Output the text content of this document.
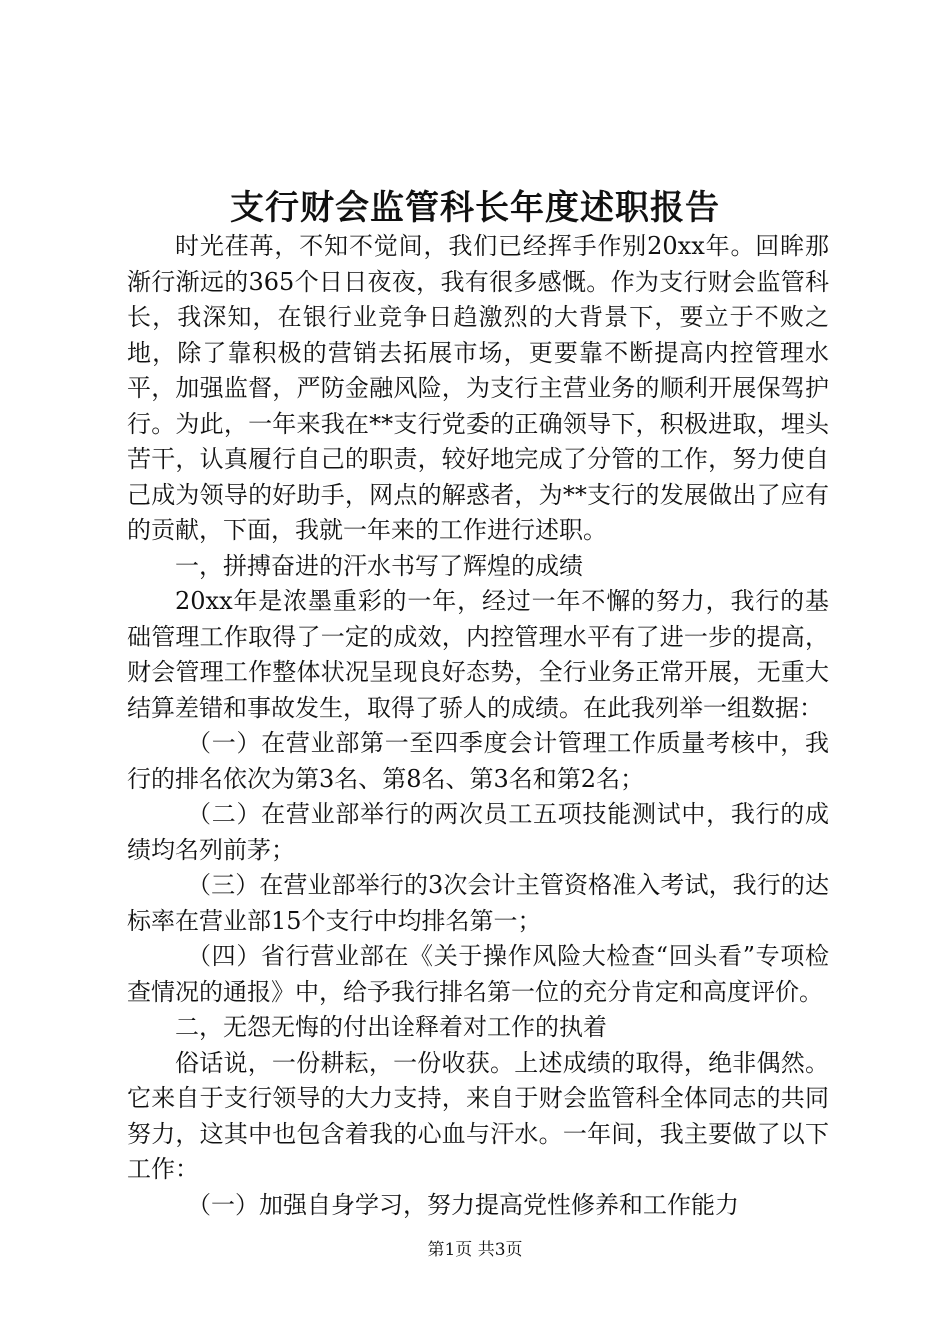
支行财会监管科长年度述职报告

时光荏苒，不知不觉间，我们已经挥手作别20xx年。回眸那渐行渐远的365个日日夜夜，我有很多感慨。作为支行财会监管科长，我深知，在银行业竞争日趋激烈的大背景下，要立于不败之地，除了靠积极的营销去拓展市场，更要靠不断提高内控管理水平，加强监督，严防金融风险，为支行主营业务的顺利开展保驾护行。为此，一年来我在**支行党委的正确领导下，积极进取，埋头苦干，认真履行自己的职责，较好地完成了分管的工作，努力使自己成为领导的好助手，网点的解惑者，为**支行的发展做出了应有的贡献，下面，我就一年来的工作进行述职。

一，拼搏奋进的汗水书写了辉煌的成绩

20xx年是浓墨重彩的一年，经过一年不懈的努力，我行的基础管理工作取得了一定的成效，内控管理水平有了进一步的提高，财会管理工作整体状况呈现良好态势，全行业务正常开展，无重大结算差错和事故发生，取得了骄人的成绩。在此我列举一组数据：

（一）在营业部第一至四季度会计管理工作质量考核中，我行的排名依次为第3名、第8名、第3名和第2名；

（二）在营业部举行的两次员工五项技能测试中，我行的成绩均名列前茅；

（三）在营业部举行的3次会计主管资格准入考试，我行的达标率在营业部15个支行中均排名第一；

（四）省行营业部在《关于操作风险大检查“回头看”专项检查情况的通报》中，给予我行排名第一位的充分肯定和高度评价。

二，无怨无悔的付出诠释着对工作的执着

俗话说，一份耕耘，一份收获。上述成绩的取得，绝非偶然。它来自于支行领导的大力支持，来自于财会监管科全体同志的共同努力，这其中也包含着我的心血与汗水。一年间，我主要做了以下工作：

（一）加强自身学习，努力提高党性修养和工作能力

第1页 共3页
